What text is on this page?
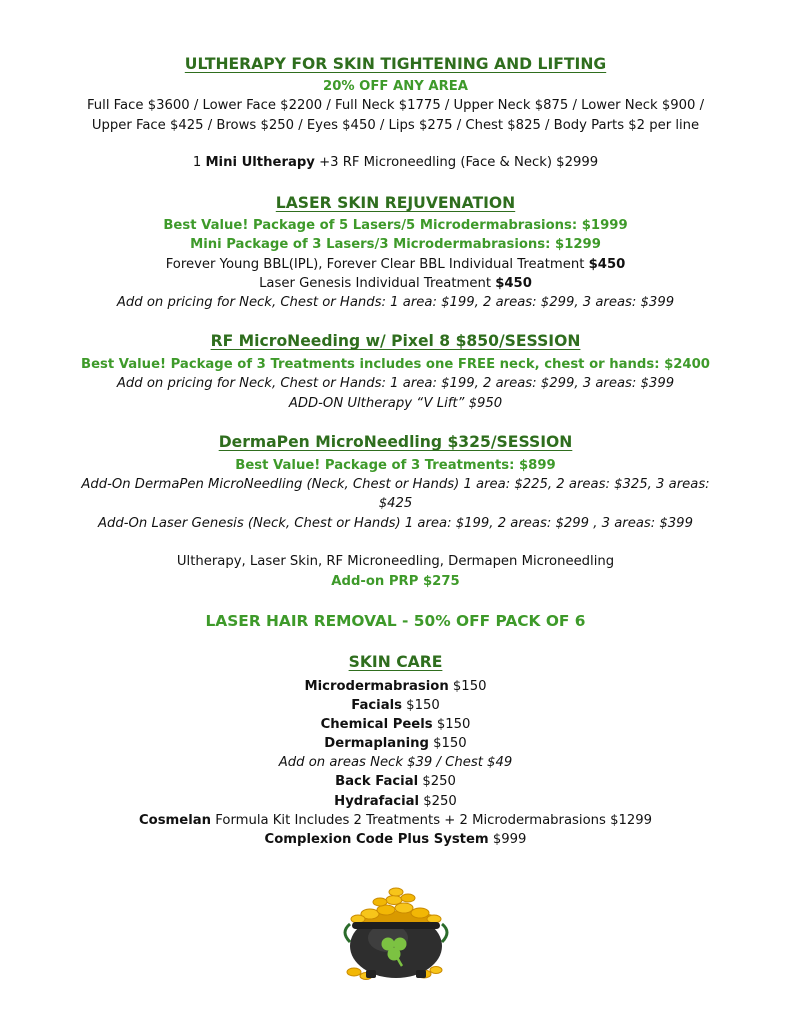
ULTHERAPY FOR SKIN TIGHTENING AND LIFTING
20% OFF ANY AREA
Full Face $3600 / Lower Face $2200 / Full Neck $1775 / Upper Neck $875 / Lower Neck $900 /
Upper Face $425 / Brows $250 / Eyes $450 / Lips $275 / Chest $825 / Body Parts $2 per line
1 Mini Ultherapy +3 RF Microneedling (Face & Neck) $2999
LASER SKIN REJUVENATION
Best Value! Package of 5 Lasers/5 Microdermabrasions: $1999
Mini Package of 3 Lasers/3 Microdermabrasions: $1299
Forever Young BBL(IPL), Forever Clear BBL Individual Treatment $450
Laser Genesis Individual Treatment $450
Add on pricing for Neck, Chest or Hands: 1 area: $199, 2 areas: $299, 3 areas: $399
RF MicroNeeding w/ Pixel 8 $850/SESSION
Best Value! Package of 3 Treatments includes one FREE neck, chest or hands: $2400
Add on pricing for Neck, Chest or Hands: 1 area: $199, 2 areas: $299, 3 areas: $399
ADD-ON Ultherapy “V Lift” $950
DermaPen MicroNeedling $325/SESSION
Best Value! Package of 3 Treatments: $899
Add-On DermaPen MicroNeedling (Neck, Chest or Hands) 1 area: $225, 2 areas: $325, 3 areas:
$425
Add-On Laser Genesis (Neck, Chest or Hands) 1 area: $199, 2 areas: $299 , 3 areas: $399
Ultherapy, Laser Skin, RF Microneedling, Dermapen Microneedling
Add-on PRP $275
LASER HAIR REMOVAL - 50% OFF PACK OF 6
SKIN CARE
Microdermabrasion $150
Facials $150
Chemical Peels $150
Dermaplaning $150
Add on areas Neck $39 / Chest $49
Back Facial $250
Hydrafacial $250
Cosmelan Formula Kit Includes 2 Treatments + 2 Microdermabrasions $1299
Complexion Code Plus System $999
